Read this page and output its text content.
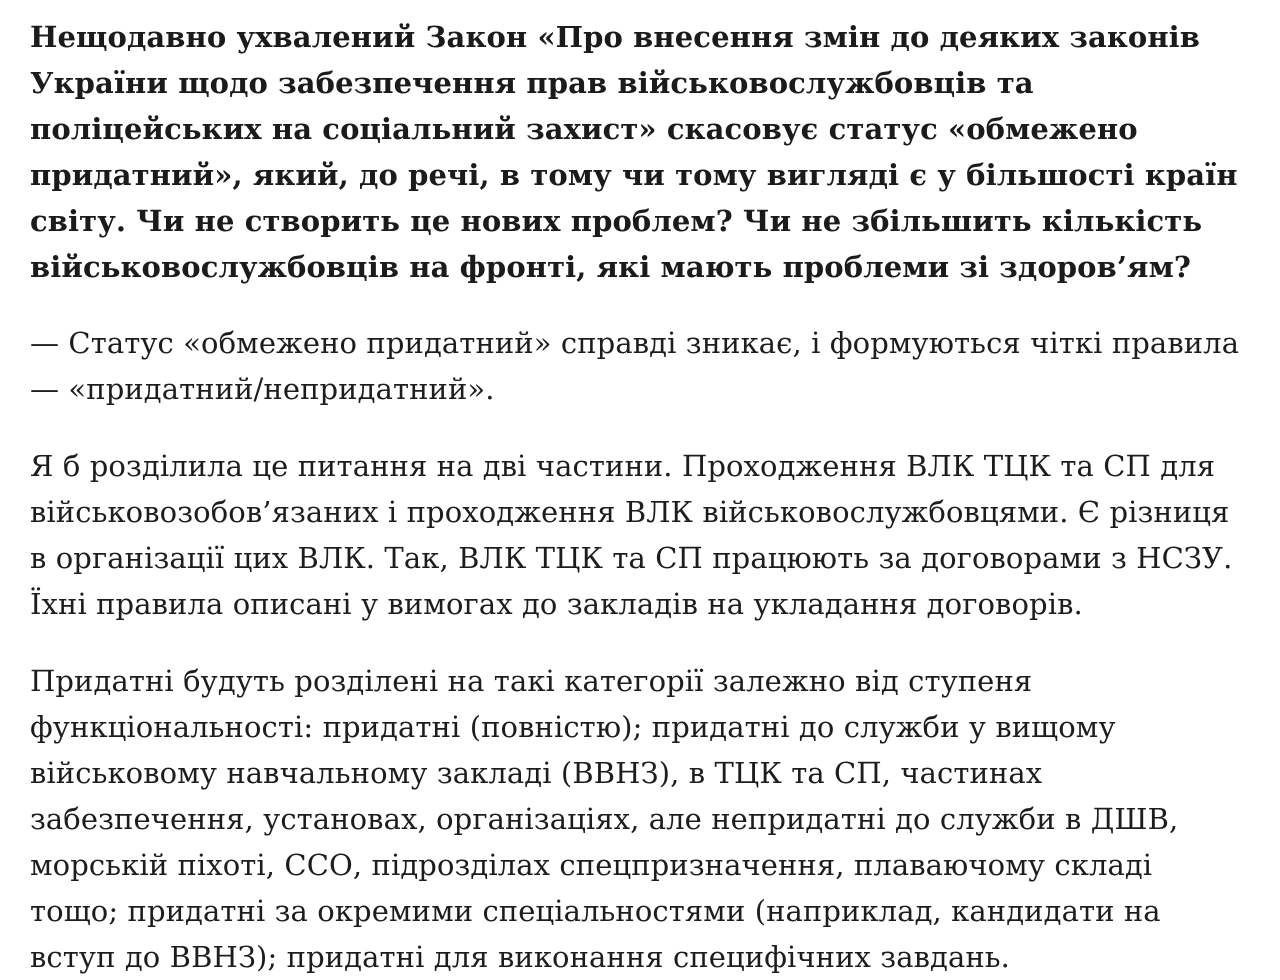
Нещодавно ухвалений Закон «Про внесення змін до деяких законів України щодо забезпечення прав військовослужбовців та поліцейських на соціальний захист» скасовує статус «обмежено придатний», який, до речі, в тому чи тому вигляді є у більшості країн світу. Чи не створить це нових проблем? Чи не збільшить кількість військовослужбовців на фронті, які мають проблеми зі здоров’ям?

— Статус «обмежено придатний» справді зникає, і формуються чіткі правила — «придатний/непридатний».

Я б розділила це питання на дві частини. Проходження ВЛК ТЦК та СП для військовозобов’язаних і проходження ВЛК військовослужбовцями. Є різниця в організації цих ВЛК. Так, ВЛК ТЦК та СП працюють за договорами з НСЗУ. Їхні правила описані у вимогах до закладів на укладання договорів.

Придатні будуть розділені на такі категорії залежно від ступеня функціональності: придатні (повністю); придатні до служби у вищому військовому навчальному закладі (ВВНЗ), в ТЦК та СП, частинах забезпечення, установах, організаціях, але непридатні до служби в ДШВ, морській піхоті, ССО, підрозділах спецпризначення, плаваючому складі тощо; придатні за окремими спеціальностями (наприклад, кандидати на вступ до ВВНЗ); придатні для виконання специфічних завдань.
